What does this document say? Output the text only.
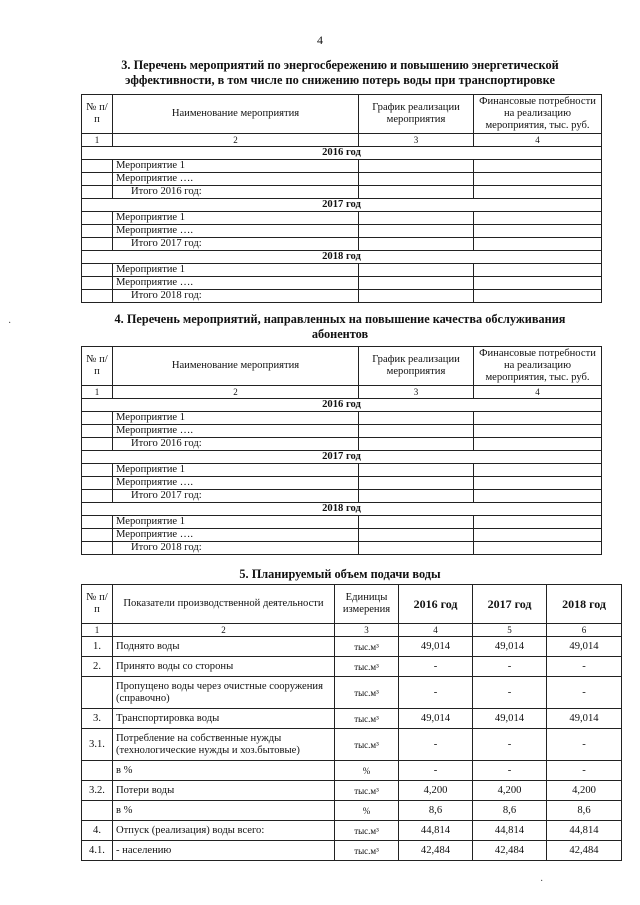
4
3. Перечень мероприятий по энергосбережению и повышению энергетической
эффективности, в том числе по снижению потерь воды при транспортировке
№ п/п	Наименование мероприятия	График реализации мероприятия	Финансовые потребности на реализацию мероприятия, тыс. руб.
1	2	3	4
2016 год			
	Мероприятие 1		
	Мероприятие ….		
	Итого 2016 год:		
2017 год			
	Мероприятие 1		
	Мероприятие ….		
	Итого 2017 год:		
2018 год			
	Мероприятие 1		
	Мероприятие ….		
	Итого 2018 год:		
4. Перечень мероприятий, направленных на повышение качества обслуживания
абонентов
№ п/п	Наименование мероприятия	График реализации мероприятия	Финансовые потребности на реализацию мероприятия, тыс. руб.
1	2	3	4
2016 год			
	Мероприятие 1		
	Мероприятие ….		
	Итого 2016 год:		
2017 год			
	Мероприятие 1		
	Мероприятие ….		
	Итого 2017 год:		
2018 год			
	Мероприятие 1		
	Мероприятие ….		
	Итого 2018 год:		
5. Планируемый объем подачи воды
№ п/п	Показатели производственной деятельности	Единицы измерения	2016 год	2017 год	2018 год
1	2	3	4	5	6
1.	Поднято воды	тыс.м³	49,014	49,014	49,014
2.	Принято воды со стороны	тыс.м³	-	-	-
	Пропущено воды через очистные сооружения (справочно)	тыс.м³	-	-	-
3.	Транспортировка воды	тыс.м³	49,014	49,014	49,014
3.1.	Потребление на собственные нужды (технологические нужды и хоз.бытовые)	тыс.м³	-	-	-
	в %	%	-	-	-
3.2.	Потери воды	тыс.м³	4,200	4,200	4,200
	в %	%	8,6	8,6	8,6
4.	Отпуск (реализация) воды всего:	тыс.м³	44,814	44,814	44,814
4.1.	- населению	тыс.м³	42,484	42,484	42,484
·
·
